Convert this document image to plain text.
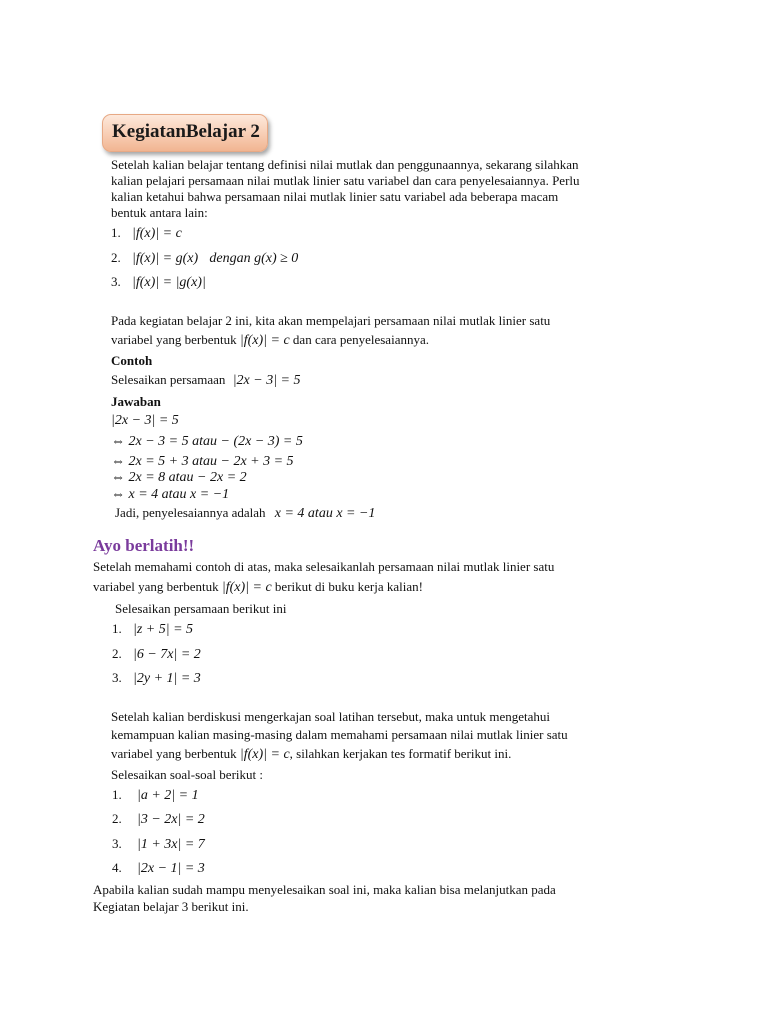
KegiatanBelajar 2
Setelah kalian belajar tentang definisi nilai mutlak dan penggunaannya, sekarang silahkan
kalian pelajari persamaan nilai mutlak linier satu variabel dan cara penyelesaiannya. Perlu
kalian ketahui bahwa persamaan nilai mutlak linier satu variabel ada beberapa macam
bentuk antara lain:
1. |f(x)| = c
2. |f(x)| = g(x) dengan g(x) ≥ 0
3. |f(x)| = |g(x)|
Pada kegiatan belajar 2 ini, kita akan mempelajari persamaan nilai mutlak linier satu
variabel yang berbentuk |f(x)| = c dan cara penyelesaiannya.
Contoh
Selesaikan persamaan |2x − 3| = 5
Jawaban
|2x − 3| = 5
⇔ 2x − 3 = 5 atau − (2x − 3) = 5
⇔ 2x = 5 + 3 atau − 2x + 3 = 5
⇔ 2x = 8 atau − 2x = 2
⇔ x = 4 atau x = −1
Jadi, penyelesaiannya adalah x = 4 atau x = −1
Ayo berlatih!!
Setelah memahami contoh di atas, maka selesaikanlah persamaan nilai mutlak linier satu
variabel yang berbentuk |f(x)| = c berikut di buku kerja kalian!
Selesaikan persamaan berikut ini
1. |z + 5| = 5
2. |6 − 7x| = 2
3. |2y + 1| = 3
Setelah kalian berdiskusi mengerkajan soal latihan tersebut, maka untuk mengetahui
kemampuan kalian masing-masing dalam memahami persamaan nilai mutlak linier satu
variabel yang berbentuk |f(x)| = c, silahkan kerjakan tes formatif berikut ini.
Selesaikan soal-soal berikut :
1. |a + 2| = 1
2. |3 − 2x| = 2
3. |1 + 3x| = 7
4. |2x − 1| = 3
Apabila kalian sudah mampu menyelesaikan soal ini, maka kalian bisa melanjutkan pada
Kegiatan belajar 3 berikut ini.
